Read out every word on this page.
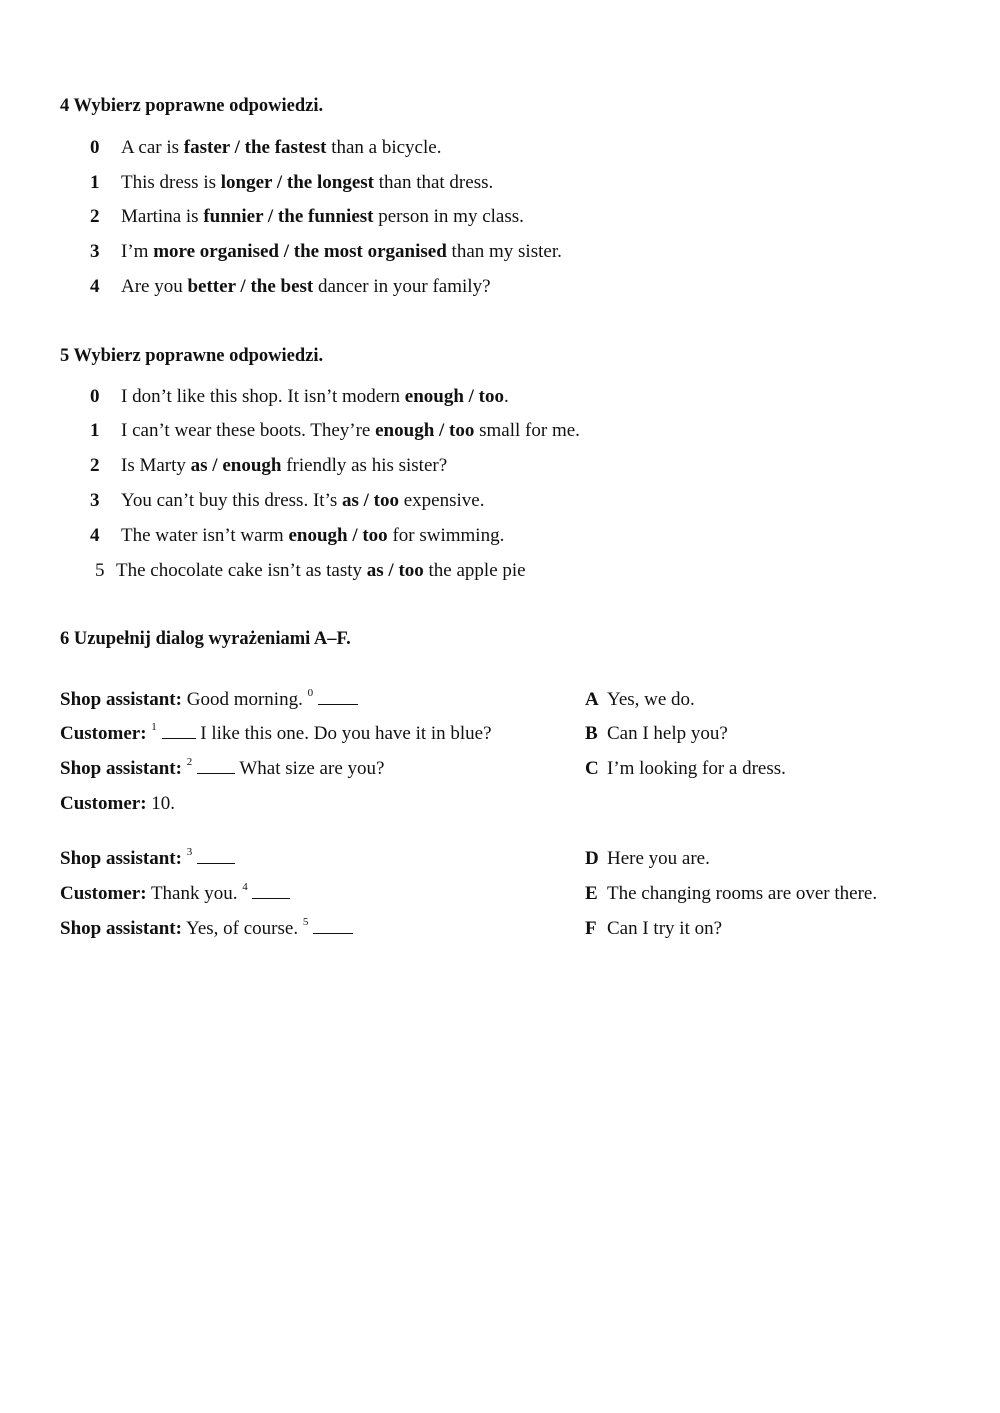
4 Wybierz poprawne odpowiedzi.
0 A car is faster / the fastest than a bicycle.
1 This dress is longer / the longest than that dress.
2 Martina is funnier / the funniest person in my class.
3 I’m more organised / the most organised than my sister.
4 Are you better / the best dancer in your family?
5 Wybierz poprawne odpowiedzi.
0 I don’t like this shop. It isn’t modern enough / too.
1 I can’t wear these boots. They’re enough / too small for me.
2 Is Marty as / enough friendly as his sister?
3 You can’t buy this dress. It’s as / too expensive.
4 The water isn’t warm enough / too for swimming.
5 The chocolate cake isn’t as tasty as / too the apple pie
6 Uzupełnij dialog wyrażeniami A–F.
Shop assistant: Good morning. $^0$
Customer: $^1$  I like this one. Do you have it in blue?
Shop assistant: $^2$  What size are you?
Customer: 10.
Shop assistant: $^3$
Customer: Thank you. $^4$
Shop assistant: Yes, of course. $^5$
A Yes, we do.
B Can I help you?
C I’m looking for a dress.
D Here you are.
E The changing rooms are over there.
F Can I try it on?
